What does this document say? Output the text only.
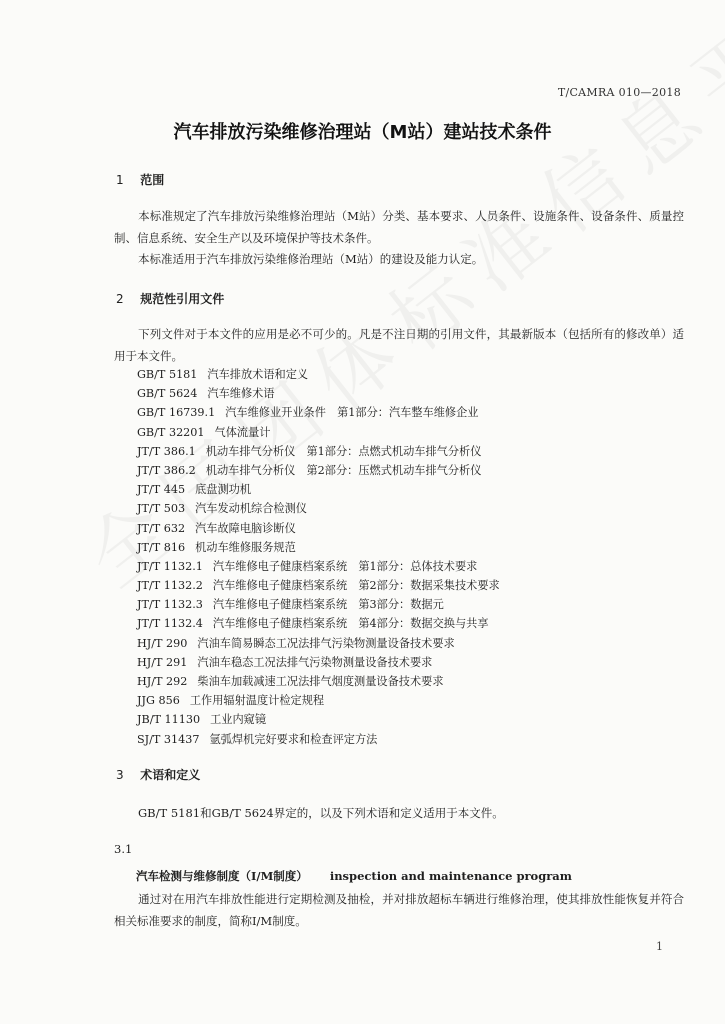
T/CAMRA 010—2018
汽车排放污染维修治理站（M站）建站技术条件
1 范围
本标准规定了汽车排放污染维修治理站（M站）分类、基本要求、人员条件、设施条件、设备条件、质量控制、信息系统、安全生产以及环境保护等技术条件。
本标准适用于汽车排放污染维修治理站（M站）的建设及能力认定。
2 规范性引用文件
下列文件对于本文件的应用是必不可少的。凡是不注日期的引用文件，其最新版本（包括所有的修改单）适用于本文件。
GB/T 5181 汽车排放术语和定义
GB/T 5624 汽车维修术语
GB/T 16739.1 汽车维修业开业条件　第1部分：汽车整车维修企业
GB/T 32201 气体流量计
JT/T 386.1 机动车排气分析仪　第1部分：点燃式机动车排气分析仪
JT/T 386.2 机动车排气分析仪　第2部分：压燃式机动车排气分析仪
JT/T 445 底盘测功机
JT/T 503 汽车发动机综合检测仪
JT/T 632 汽车故障电脑诊断仪
JT/T 816 机动车维修服务规范
JT/T 1132.1 汽车维修电子健康档案系统　第1部分：总体技术要求
JT/T 1132.2 汽车维修电子健康档案系统　第2部分：数据采集技术要求
JT/T 1132.3 汽车维修电子健康档案系统　第3部分：数据元
JT/T 1132.4 汽车维修电子健康档案系统　第4部分：数据交换与共享
HJ/T 290 汽油车简易瞬态工况法排气污染物测量设备技术要求
HJ/T 291 汽油车稳态工况法排气污染物测量设备技术要求
HJ/T 292 柴油车加载减速工况法排气烟度测量设备技术要求
JJG 856 工作用辐射温度计检定规程
JB/T 11130 工业内窥镜
SJ/T 31437 氩弧焊机完好要求和检查评定方法
3 术语和定义
GB/T 5181和GB/T 5624界定的，以及下列术语和定义适用于本文件。
3.1
汽车检测与维修制度（I/M制度） inspection and maintenance program
通过对在用汽车排放性能进行定期检测及抽检，并对排放超标车辆进行维修治理，使其排放性能恢复并符合相关标准要求的制度，简称I/M制度。
1
